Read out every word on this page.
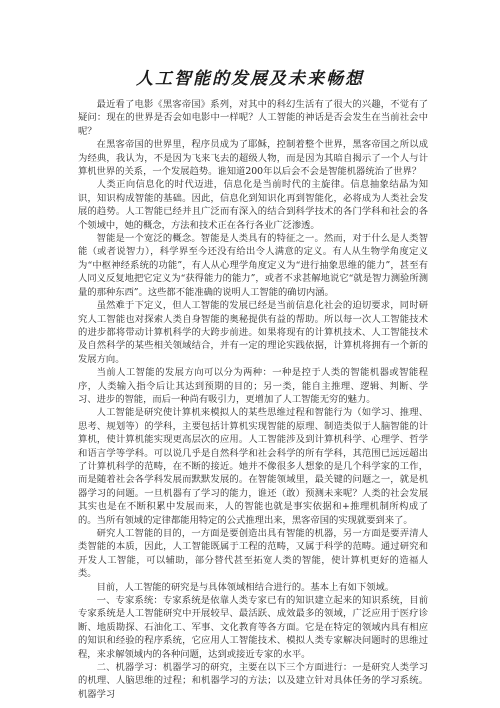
人工智能的发展及未来畅想

最近看了电影《黑客帝国》系列，对其中的科幻生活有了很大的兴趣，不觉有了疑问：现在的世界是否会如电影中一样呢？人工智能的神话是否会发生在当前社会中呢？

在黑客帝国的世界里，程序员成为了耶稣，控制着整个世界，黑客帝国之所以成为经典，我认为，不是因为飞来飞去的超级人物，而是因为其暗自揭示了一个人与计算机世界的关系，一个发展趋势。谁知道200年以后会不会是智能机器统治了世界？

人类正向信息化的时代迈进，信息化是当前时代的主旋律。信息抽象结晶为知识，知识构成智能的基础。因此，信息化到知识化再到智能化，必将成为人类社会发展的趋势。人工智能已经并且广泛而有深入的结合到科学技术的各门学科和社会的各个领域中，她的概念，方法和技术正在各行各业广泛渗透。

智能是一个宽泛的概念。智能是人类具有的特征之一。然而，对于什么是人类智能（或者说智力），科学界至今还没有给出令人满意的定义。有人从生物学角度定义为“中枢神经系统的功能”，有人从心理学角度定义为“进行抽象思维的能力”，甚至有人同义反复地把它定义为“获得能力的能力”，或者不求甚解地说它“就是智力测验所测量的那种东西”。这些都不能准确的说明人工智能的确切内涵。

虽然难于下定义，但人工智能的发展已经是当前信息化社会的迫切要求，同时研究人工智能也对探索人类自身智能的奥秘提供有益的帮助。所以每一次人工智能技术的进步都将带动计算机科学的大跨步前进。如果将现有的计算机技术、人工智能技术及自然科学的某些相关领域结合，并有一定的理论实践依据，计算机将拥有一个新的发展方向。

当前人工智能的发展方向可以分为两种：一种是控于人类的智能机器或智能程序，人类输入指令后让其达到预期的目的；另一类，能自主推理、逻辑、判断、学习、进步的智能，而后一种尚有吸引力，更增加了人工智能无穷的魅力。

人工智能是研究使计算机来模拟人的某些思维过程和智能行为（如学习、推理、思考、规划等）的学科，主要包括计算机实现智能的原理、制造类似于人脑智能的计算机，使计算机能实现更高层次的应用。人工智能涉及到计算机科学、心理学、哲学和语言学等学科。可以说几乎是自然科学和社会科学的所有学科，其范围已远远超出了计算机科学的范畴，在不断的接近。她并不像很多人想象的是几个科学家的工作，而是随着社会各学科发展而默默发展的。在智能领域里，最关键的问题之一，就是机器学习的问题。一旦机器有了学习的能力，谁还（敢）预测未来呢？人类的社会发展其实也是在不断积累中发展而来，人的智能也就是事实依据和+推理机制所构成了的。当所有领域的定律都能用特定的公式推理出来，黑客帝国的实现就要到来了。

研究人工智能的目的，一方面是要创造出具有智能的机器，另一方面是要弄清人类智能的本质，因此，人工智能既属于工程的范畴，又属于科学的范畴。通过研究和开发人工智能，可以辅助，部分替代甚至拓宽人类的智能，使计算机更好的造福人类。

目前，人工智能的研究是与具体领域相结合进行的。基本上有如下领域。

一、专家系统：专家系统是依靠人类专家已有的知识建立起来的知识系统，目前专家系统是人工智能研究中开展较早、最活跃、成效最多的领域，广泛应用于医疗诊断、地质勘探、石油化工、军事、文化教育等各方面。它是在特定的领域内具有相应的知识和经验的程序系统，它应用人工智能技术、模拟人类专家解决问题时的思维过程，来求解领域内的各种问题，达到或接近专家的水平。

二、机器学习：机器学习的研究，主要在以下三个方面进行：一是研究人类学习的机理、人脑思维的过程；和机器学习的方法；以及建立针对具体任务的学习系统。机器学习
